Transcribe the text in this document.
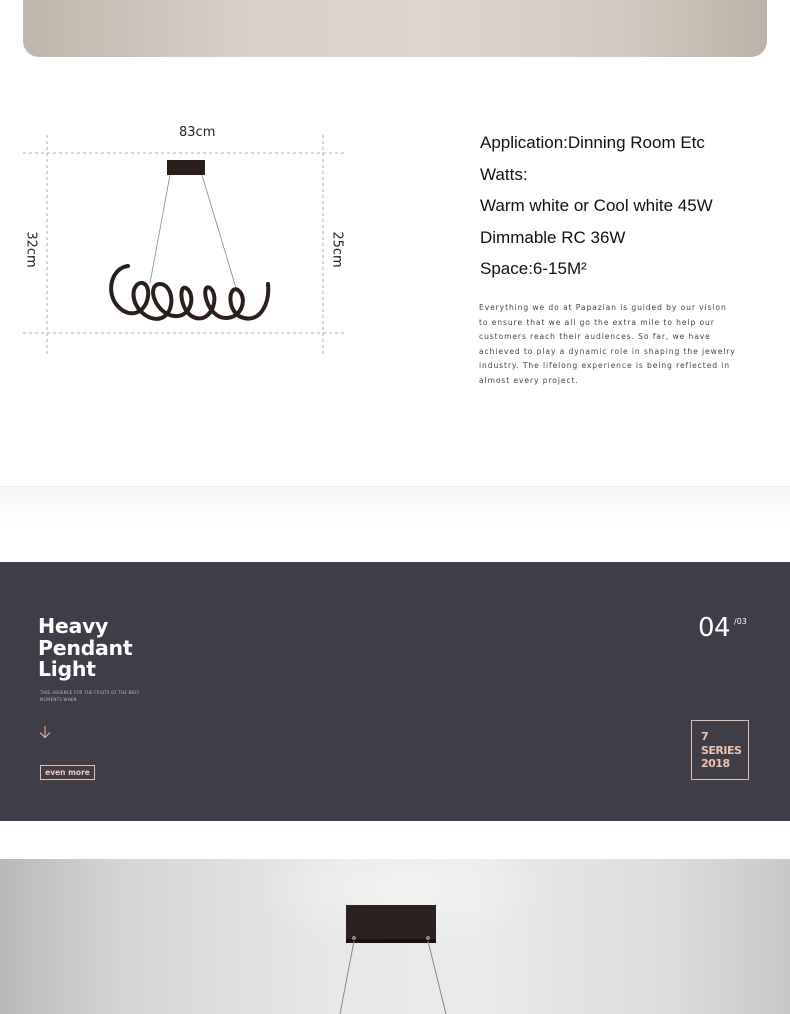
83cm
32cm	25cm
Application:Dinning Room Etc
Watts:
Warm white or Cool white 45W
Dimmable RC 36W
Space:6-15M²
Everything we do at Papazian is guided by our vision to ensure that we all go the extra mile to help our customers reach their audiences. So far, we have achieved to play a dynamic role in shaping the jewelry industry. The lifelong experience is being reflected in almost every project.
Heavy
Pendant
Light
TAKE ABSENCE FOR THE FRUITS OF THE BEST MOMENTS WHEN
even more
04 /03
7
SERIES
2018
